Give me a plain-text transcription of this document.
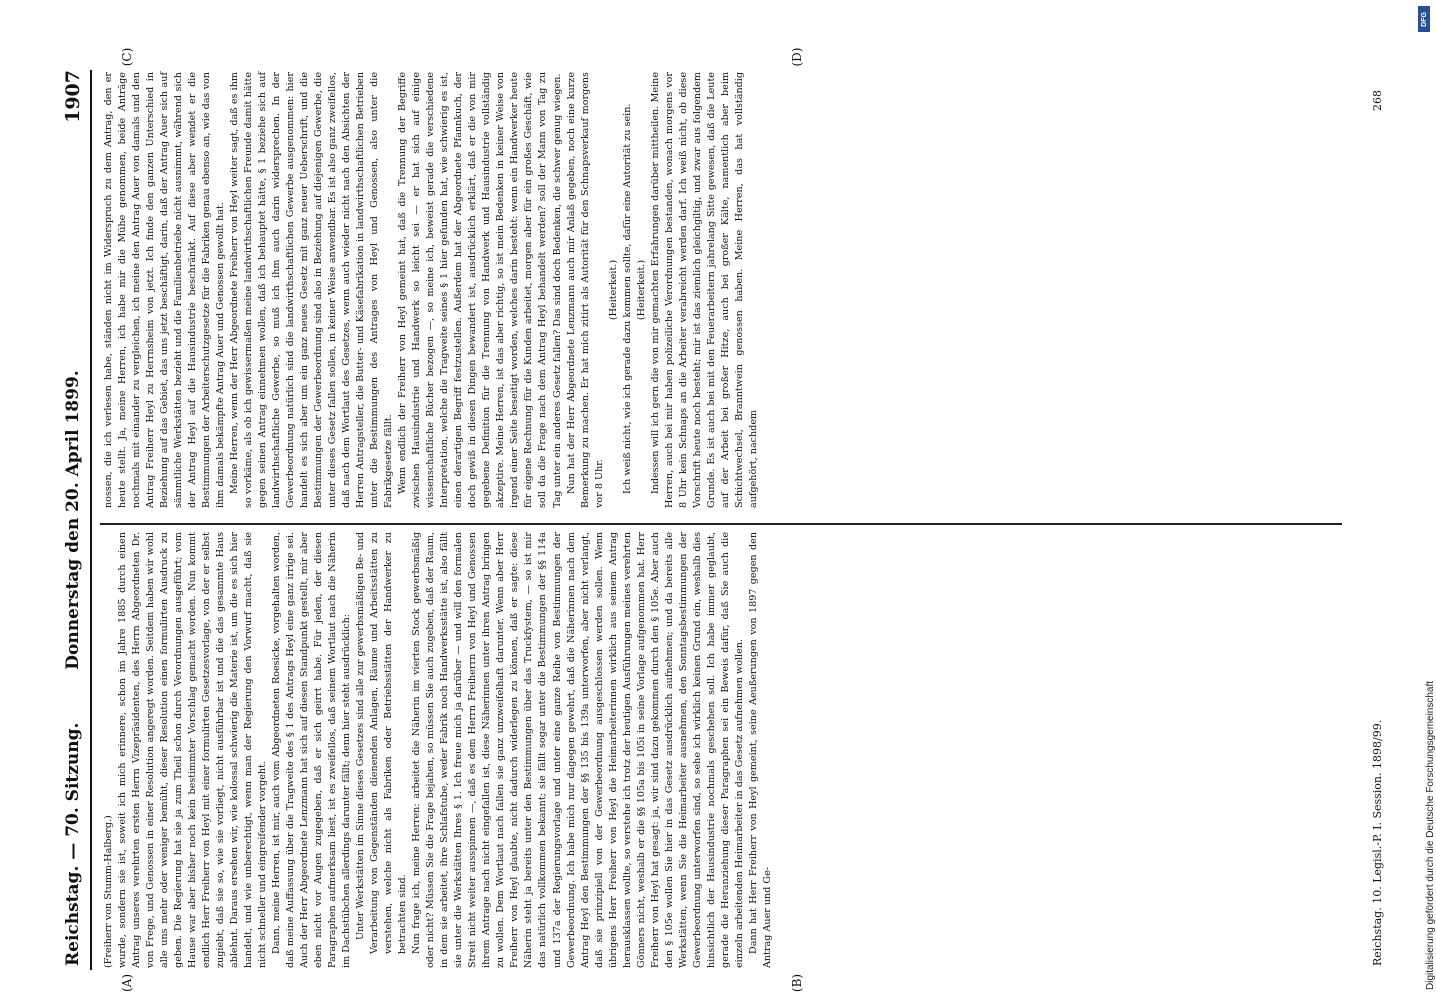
Reichstag. — 70. Sitzung.
Donnerstag den 20. April 1899.
1907
(A)	(B)
(C)	(D)

(Freiherr von Stumm-Halberg.) wurde, sondern sie ist, soweit ich mich erinnere, schon im Jahre 1885 durch einen Antrag unseres verehrten ersten Herrn Vizepräsidenten, des Herrn Abgeordneten Dr. von Frege, und Genossen in einer Resolution angeregt worden. Seitdem haben wir wohl alle uns mehr oder weniger bemüht, dieser Resolution einen formulirten Ausdruck zu geben. Die Regierung hat sie ja zum Theil schon durch Verordnungen ausgeführt; vom Hause war aber bisher noch kein bestimmter Vorschlag gemacht worden. Nun kommt endlich Herr Freiherr von Heyl mit einer formulirten Gesetzesvorlage, von der er selbst zugiebt, daß sie so, wie sie vorliegt, nicht ausführbar ist und die das gesammte Haus ablehnt. Daraus ersehen wir, wie kolossal schwierig die Materie ist, um die es sich hier handelt, und wie unberechtigt, wenn man der Regierung den Vorwurf macht, daß sie nicht schneller und eingreifender vorgeht. Dann, meine Herren, ist mir, auch vom Abgeordneten Roesicke, vorgehalten worden, daß meine Auffassung über die Tragweite des § 1 des Antrags Heyl eine ganz irrige sei. Auch der Herr Abgeordnete Lenzmann hat sich auf diesen Standpunkt gestellt, mir aber eben nicht vor Augen zugegeben, daß er sich geirrt habe. Für jeden, der diesen Paragraphen aufmerksam liest, ist es zweifellos, daß seinem Wortlaut nach die Näherin im Dachstübchen allerdings darunter fällt; denn hier steht ausdrücklich: Unter Werkstätten im Sinne dieses Gesetzes sind alle zur gewerbsmäßigen Be- und Verarbeitung von Gegenständen dienenden Anlagen, Räume und Arbeitsstätten zu verstehen, welche nicht als Fabriken oder Betriebsstätten der Handwerker zu betrachten sind. Nun frage ich, meine Herren: arbeitet die Näherin im vierten Stock gewerbsmäßig oder nicht? Müssen Sie die Frage bejahen, so müssen Sie auch zugeben, daß der Raum, in dem sie arbeitet, ihre Schlafstube, weder Fabrik noch Handwerksstätte ist, also fällt sie unter die Werkstätten Ihres § 1. Ich freue mich ja darüber — und will den formalen Streit nicht weiter ausspinnen —, daß es dem Herrn Freiherrn von Heyl und Genossen ihrem Antrage nach nicht eingefallen ist, diese Näherinnen unter ihren Antrag bringen zu wollen. Dem Wortlaut nach fallen sie ganz unzweifelhaft darunter. Wenn aber Herr Freiherr von Heyl glaubte, nicht dadurch widerlegen zu können, daß er sagte: diese Näherin steht ja bereits unter den Bestimmungen über das Truckfystem, — so ist mir das natürlich vollkommen bekannt; sie fällt sogar unter die Bestimmungen der §§ 114a und 137a der Regierungsvorlage und unter eine ganze Reihe von Bestimmungen der Gewerbeordnung. Ich habe mich nur dagegen gewehrt, daß die Näherinnen nach dem Antrag Heyl den Bestimmungen der §§ 135 bis 139a unterworfen, aber nicht verlangt, daß sie prinzipiell von der Gewerbeordnung ausgeschlossen werden sollen. Wenn übrigens Herr Freiherr von Heyl die Heimarbeiterinnen wirklich aus seinem Antrag herausklassen wollte, so verstehe ich trotz der heutigen Ausführungen meines verehrten Gönners nicht, weshalb er die §§ 105a bis 105i in seine Vorlage aufgenommen hat. Herr Freiherr von Heyl hat gesagt: ja, wir sind dazu gekommen durch den § 105e. Aber auch den § 105e wollen Sie hier in das Gesetz ausdrücklich aufnehmen; und da bereits alle Werkstätten, wenn Sie die Heimarbeiter ausnehmen, den Sonntagsbestimmungen der Gewerbeordnung unterworfen sind, so sehe ich wirklich keinen Grund ein, weshalb dies hinsichtlich der Hausindustrie nochmals geschehen soll. Ich habe immer geglaubt, gerade die Heranziehung dieser Paragraphen sei ein Beweis dafür, daß Sie auch die einzeln arbeitenden Heimarbeiter in das Gesetz aufnehmen wollen. Dann hat Herr Freiherr von Heyl gemeint, seine Aeußerungen von 1897 gegen den Antrag Auer und Ge-

nossen, die ich verlesen habe, ständen nicht im Widerspruch zu dem Antrag, den er heute stellt. Ja, meine Herren, ich habe mir die Mühe genommen, beide Anträge nochmals mit einander zu vergleichen, ich meine den Antrag Auer von damals und den Antrag Freiherr Heyl zu Herrnsheim von jetzt. Ich finde den ganzen Unterschied in Beziehung auf das Gebiet, das uns jetzt beschäftigt, darin, daß der Antrag Auer sich auf sämmtliche Werkstätten bezieht und die Familienbetriebe nicht ausnimmt, während sich der Antrag Heyl auf die Hausindustrie beschränkt. Auf diese aber wendet er die Bestimmungen der Arbeiterschutzgesetze für die Fabriken genau ebenso an, wie das von ihm damals bekämpfte Antrag Auer und Genossen gewollt hat. Meine Herren, wenn der Herr Abgeordnete Freiherr von Heyl weiter sagt, daß es ihm so vorkäme, als ob ich gewissermaßen meine landwirthschaftlichen Freunde damit hätte gegen seinen Antrag einnehmen wollen, daß ich behauptet hätte, § 1 beziehe sich auf landwirthschaftliche Gewerbe, so muß ich ihm auch darin widersprechen. In der Gewerbeordnung natürlich sind die landwirthschaftlichen Gewerbe ausgenommen: hier handelt es sich aber um ein ganz neues Gesetz mit ganz neuer Ueberschrift, und die Bestimmungen der Gewerbeordnung sind also in Beziehung auf diejenigen Gewerbe, die unter dieses Gesetz fallen sollen, in keiner Weise anwendbar. Es ist also ganz zweifellos, daß nach dem Wortlaut des Gesetzes, wenn auch wieder nicht nach den Absichten der Herren Antragsteller, die Butter- und Käsefabrikation in landwirthschaftlichen Betrieben unter die Bestimmungen des Antrages von Heyl und Genossen, also unter die Fabrikgesetze fällt. Wenn endlich der Freiherr von Heyl gemeint hat, daß die Trennung der Begriffe zwischen Hausindustrie und Handwerk so leicht sei — er hat sich auf einige wissenschaftliche Bücher bezogen —, so meine ich, beweist gerade die verschiedene Interpretation, welche die Tragweite seines § 1 hier gefunden hat, wie schwierig es ist, einen derartigen Begriff festzustellen. Außerdem hat der Abgeordnete Pfannkuch, der doch gewiß in diesen Dingen bewandert ist, ausdrücklich erklärt, daß er die von mir gegebene Definition für die Trennung von Handwerk und Hausindustrie vollständig akzeptire. Meine Herren, ist das aber richtig, so ist mein Bedenken in keiner Weise von irgend einer Seite beseitigt worden, welches darin besteht: wenn ein Handwerker heute für eigene Rechnung für die Kunden arbeitet, morgen aber für ein großes Geschäft, wie soll da die Frage nach dem Antrag Heyl behandelt werden? soll der Mann von Tag zu Tag unter ein anderes Gesetz fallen? Das sind doch Bedenken, die schwer genug wiegen. Nun hat der Herr Abgeordnete Lenzmann auch mir Anlaß gegeben, noch eine kurze Bemerkung zu machen. Er hat mich zitirt als Autorität für den Schnapsverkauf morgens vor 8 Uhr.

(Heiterkeit.) Ich weiß nicht, wie ich gerade dazu kommen sollte, dafür eine Autorität zu sein. (Heiterkeit.) Indessen will ich gern die von mir gemachten Erfahrungen darüber mittheilen. Meine Herren, auch bei mir haben polizeiliche Verordnungen bestanden, wonach morgens vor 8 Uhr kein Schnaps an die Arbeiter verabreicht werden darf. Ich weiß nicht, ob diese Vorschrift heute noch besteht; mir ist das ziemlich gleichgiltig, und zwar aus folgendem Grunde. Es ist auch bei mit den Feuerarbeitern jahrelang Sitte gewesen, daß die Leute auf der Arbeit bei großer Hitze, auch bei großer Kälte, namentlich aber beim Schichtwechsel, Branntwein genossen haben. Meine Herren, das hat vollständig aufgehört, nachdem

Reichstag. 10. Legisl.-P. I. Session. 1898/99.
268
Digitalisierung gefördert durch die Deutsche Forschungsgemeinschaft
DFG
